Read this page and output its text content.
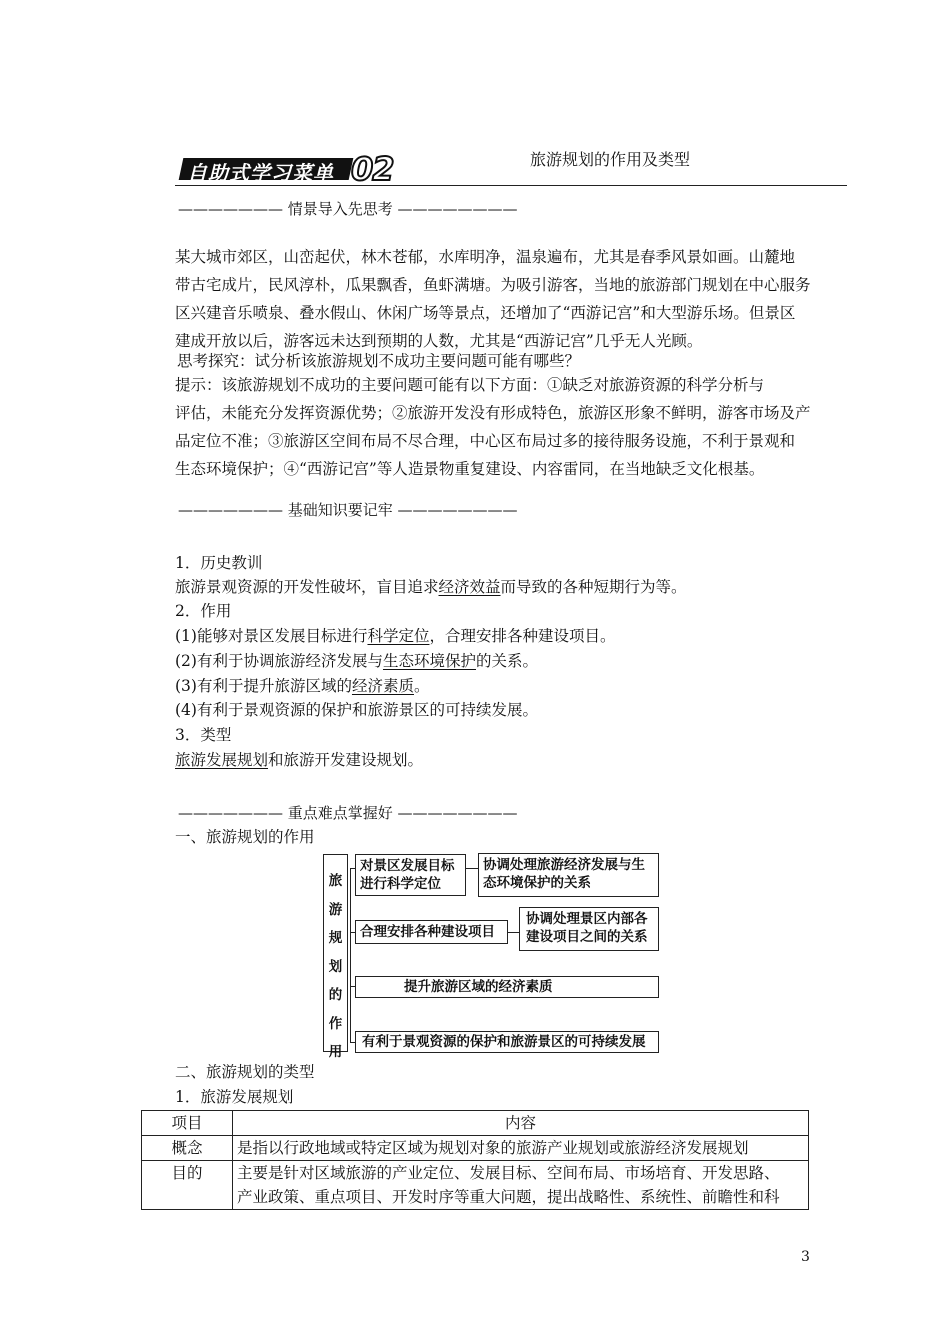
自助式学习菜单 02	旅游规划的作用及类型
——————— 情景导入先思考 ————————
某大城市郊区，山峦起伏，林木苍郁，水库明净，温泉遍布，尤其是春季风景如画。山麓地
带古宅成片，民风淳朴，瓜果飘香，鱼虾满塘。为吸引游客，当地的旅游部门规划在中心服务
区兴建音乐喷泉、叠水假山、休闲广场等景点，还增加了“西游记宫”和大型游乐场。但景区
建成开放以后，游客远未达到预期的人数，尤其是“西游记宫”几乎无人光顾。
思考探究：试分析该旅游规划不成功主要问题可能有哪些？
提示：该旅游规划不成功的主要问题可能有以下方面：①缺乏对旅游资源的科学分析与
评估，未能充分发挥资源优势；②旅游开发没有形成特色，旅游区形象不鲜明，游客市场及产
品定位不准；③旅游区空间布局不尽合理，中心区布局过多的接待服务设施，不利于景观和
生态环境保护；④“西游记宫”等人造景物重复建设、内容雷同，在当地缺乏文化根基。
——————— 基础知识要记牢 ————————
1．历史教训
旅游景观资源的开发性破坏，盲目追求经济效益而导致的各种短期行为等。
2．作用
(1)能够对景区发展目标进行科学定位，合理安排各种建设项目。
(2)有利于协调旅游经济发展与生态环境保护的关系。
(3)有利于提升旅游区域的经济素质。
(4)有利于景观资源的保护和旅游景区的可持续发展。
3．类型
旅游发展规划和旅游开发建设规划。
——————— 重点难点掌握好 ————————
一、旅游规划的作用
旅
游
规
划
的
作
用
对景区发展目标
进行科学定位
协调处理旅游经济发展与生
态环境保护的关系
合理安排各种建设项目
协调处理景区内部各
建设项目之间的关系
提升旅游区域的经济素质
有利于景观资源的保护和旅游景区的可持续发展
二、旅游规划的类型
1．旅游发展规划
项目	内容
概念	是指以行政地域或特定区域为规划对象的旅游产业规划或旅游经济发展规划
目的	主要是针对区域旅游的产业定位、发展目标、空间布局、市场培育、开发思路、
产业政策、重点项目、开发时序等重大问题，提出战略性、系统性、前瞻性和科
3
